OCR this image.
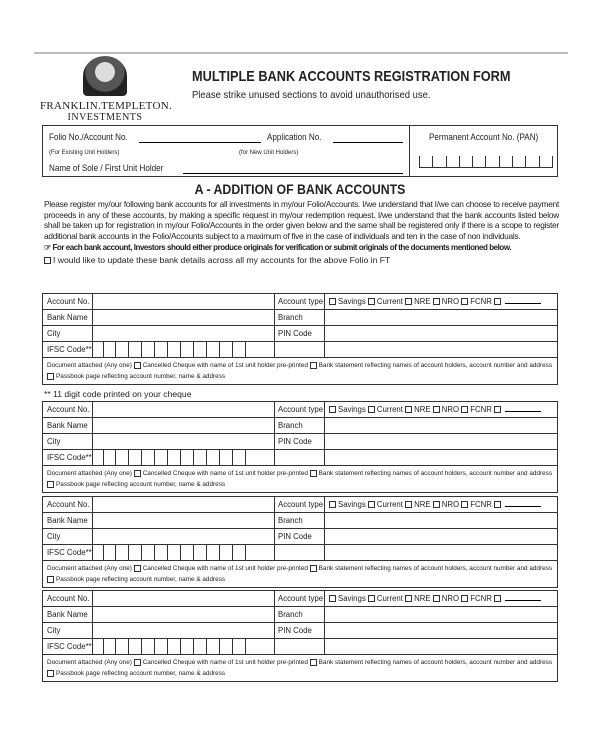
FRANKLIN.TEMPLETON.
INVESTMENTS
MULTIPLE BANK ACCOUNTS REGISTRATION FORM
Please strike unused sections to avoid unauthorised use.
Folio No./Account No.	Application No.
(For Existing Unit Holders)	(for New Unit Holders)
Name of Sole / First Unit Holder
Permanent Account No. (PAN)
A - ADDITION OF BANK ACCOUNTS
Please register my/our following bank accounts for all investments in my/our Folio/Accounts. I/we understand that I/we can choose to receive payment proceeds in any of these accounts, by making a specific request in my/our redemption request. I/we understand that the bank accounts listed below shall be taken up for registration in my/our Folio/Accounts in the order given below and the same shall be registered only if there is a scope to register additional bank accounts in the Folio/Accounts subject to a maximum of five in the case of individuals and ten in the case of non individuals.
☞ For each bank account, Investors should either produce originals for verification or submit originals of the documents mentioned below.
I would like to update these bank details across all my accounts for the above Folio in FT
Account No.	Account type	Savings Current NRE NRO FCNR
Bank Name	Branch
City	PIN Code
IFSC Code**
Document attached (Any one) Cancelled Cheque with name of 1st unit holder pre-printed Bank statement reflecting names of account holders, account number and address
Passbook page reflecting account number, name & address
Account No.	Account type	Savings Current NRE NRO FCNR
Bank Name	Branch
City	PIN Code
IFSC Code**
Document attached (Any one) Cancelled Cheque with name of 1st unit holder pre-printed Bank statement reflecting names of account holders, account number and address
Passbook page reflecting account number, name & address
Account No.	Account type	Savings Current NRE NRO FCNR
Bank Name	Branch
City	PIN Code
IFSC Code**
Document attached (Any one) Cancelled Cheque with name of 1st unit holder pre-printed Bank statement reflecting names of account holders, account number and address
Passbook page reflecting account number, name & address
Account No.	Account type	Savings Current NRE NRO FCNR
Bank Name	Branch
City	PIN Code
IFSC Code**
Document attached (Any one) Cancelled Cheque with name of 1st unit holder pre-printed Bank statement reflecting names of account holders, account number and address
Passbook page reflecting account number, name & address
** 11 digit code printed on your cheque
